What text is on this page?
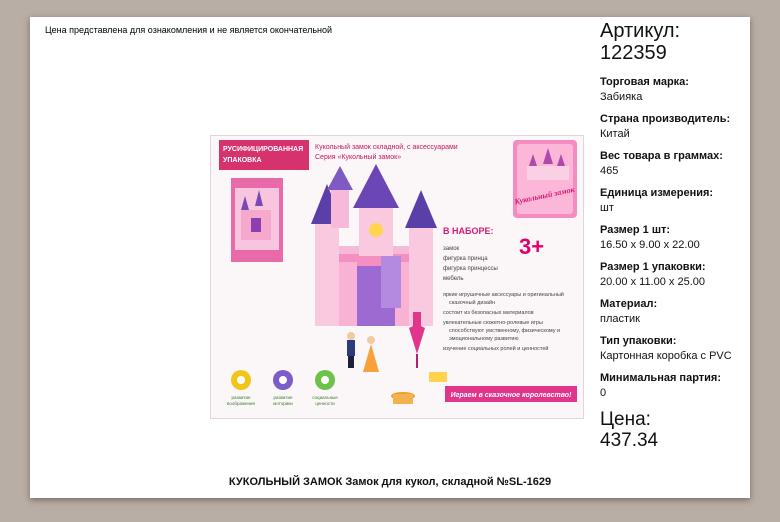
Цена представлена для ознакомления и не является окончательной
РУСИФИЦИРОВАННАЯ
УПАКОВКА
Кукольный замок складной, с аксессуарами
Серия «Кукольный замок»
Кукольный замок
3+
В НАБОРЕ:
замок
фигурка принца
фигурка принцессы
мебель
яркие игрушечные аксессуары и оригинальный
сказочный дизайн
состоит из безопасных материалов
увлекательные сюжетно-ролевые игры
способствуют умственному, физическому и
эмоциональному развитию
изучение социальных ролей и ценностей
Играем в сказочное королевство!
развитие
воображения
развитие
моторики
социальные
ценности
Артикул:
122359
Торговая марка:
Забияка
Страна производитель:
Китай
Вес товара в граммах:
465
Единица измерения:
шт
Размер 1 шт:
16.50 x 9.00 x 22.00
Размер 1 упаковки:
20.00 x 11.00 x 25.00
Материал:
пластик
Тип упаковки:
Картонная коробка с PVC
Минимальная партия:
0
Цена:
437.34
КУКОЛЬНЫЙ ЗАМОК Замок для кукол, складной №SL-1629
